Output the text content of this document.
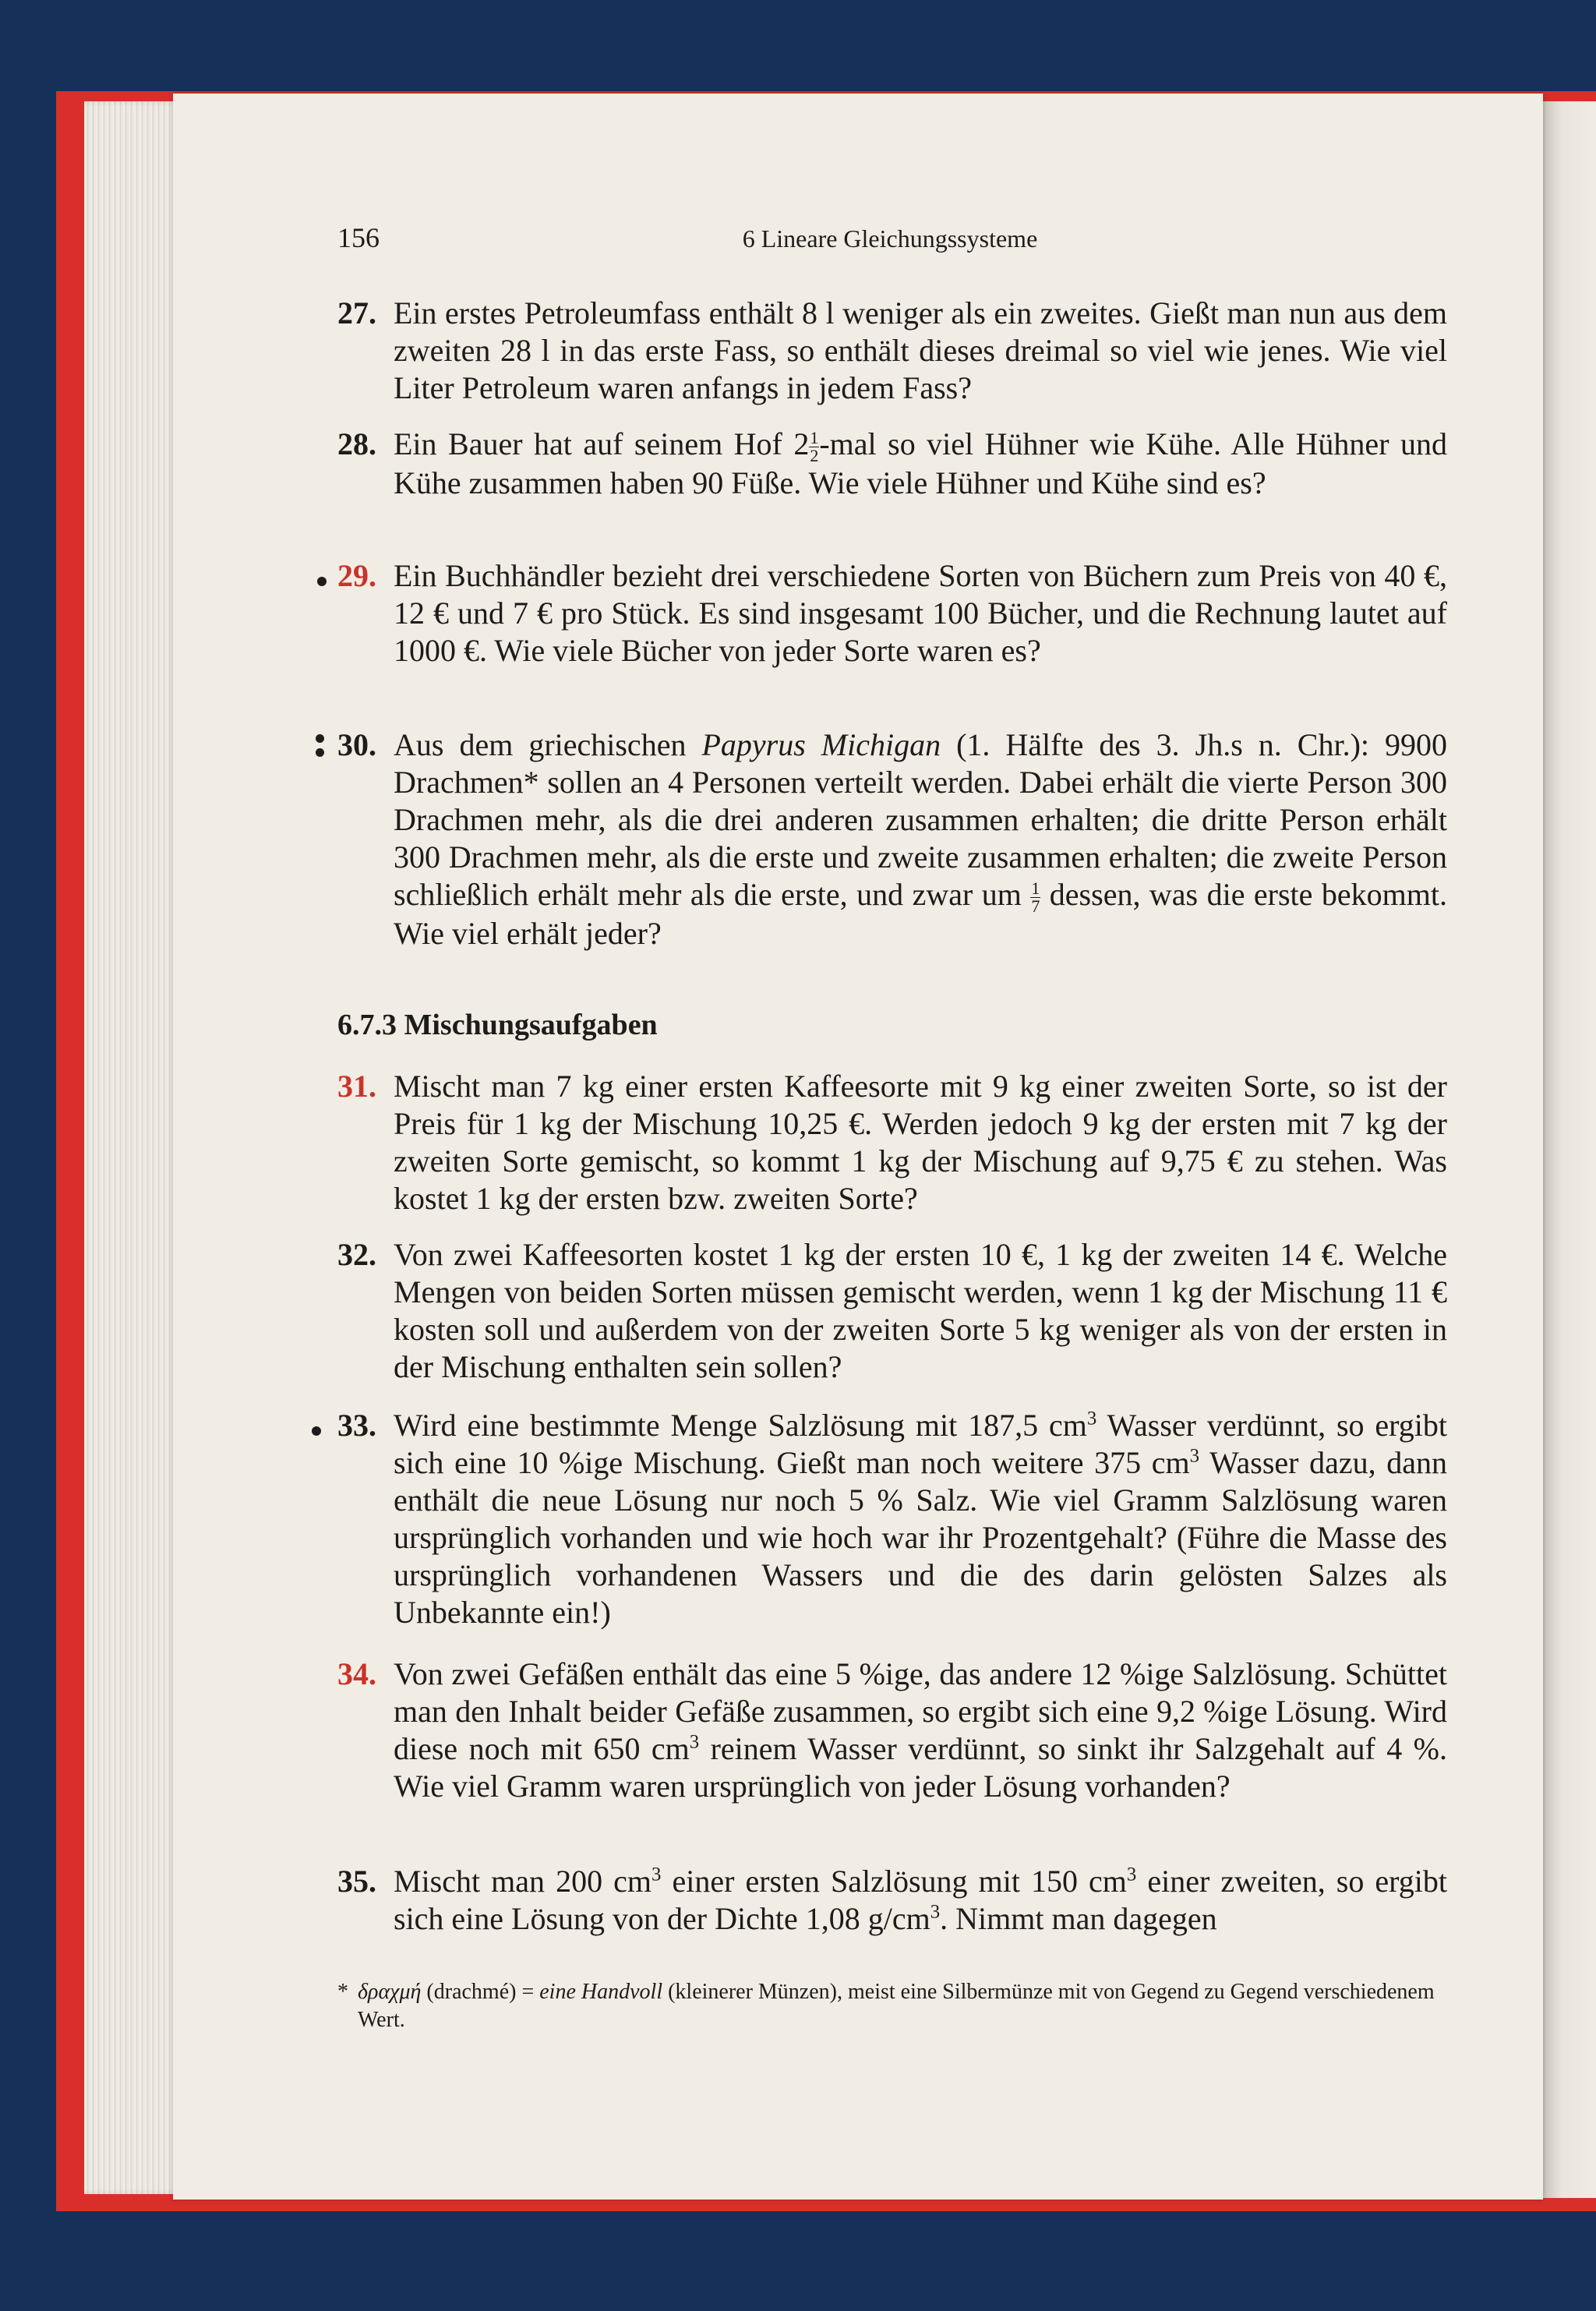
156	6 Lineare Gleichungssysteme
27. Ein erstes Petroleumfass enthält 8 l weniger als ein zweites. Gießt man nun aus dem zweiten 28 l in das erste Fass, so enthält dieses dreimal so viel wie jenes. Wie viel Liter Petroleum waren anfangs in jedem Fass?
28. Ein Bauer hat auf seinem Hof $2 \frac{1}{2} -mal$ so viel Hühner wie Kühe. Alle Hühner und Kühe zusammen haben 90 Füße. Wie viele Hühner und Kühe sind es?
29. Ein Buchhändler bezieht drei verschiedene Sorten von Büchern zum Preis von 40 €, 12 € und 7 € pro Stück. Es sind insgesamt 100 Bücher, und die Rechnung lautet auf 1000 €. Wie viele Bücher von jeder Sorte waren es?
30. Aus dem griechischen Papyrus Michigan (1. Hälfte des 3. Jh.s n. Chr.): 9900 Drachmen* sollen an 4 Personen verteilt werden. Dabei erhält die vierte Person 300 Drachmen mehr, als die drei anderen zusammen erhalten; die dritte Person erhält 300 Drachmen mehr, als die erste und zweite zusammen erhalten; die zweite Person schließlich erhält mehr als die erste, und zwar um $\frac{1}{7}$ dessen, was die erste bekommt. Wie viel erhält jeder?
6.7.3 Mischungsaufgaben
31. Mischt man 7 kg einer ersten Kaffeesorte mit 9 kg einer zweiten Sorte, so ist der Preis für 1 kg der Mischung 10,25 €. Werden jedoch 9 kg der ersten mit 7 kg der zweiten Sorte gemischt, so kommt 1 kg der Mischung auf 9,75 € zu stehen. Was kostet 1 kg der ersten bzw. zweiten Sorte?
32. Von zwei Kaffeesorten kostet 1 kg der ersten 10 €, 1 kg der zweiten 14 €. Welche Mengen von beiden Sorten müssen gemischt werden, wenn 1 kg der Mischung 11 € kosten soll und außerdem von der zweiten Sorte 5 kg weniger als von der ersten in der Mischung enthalten sein sollen?
33. Wird eine bestimmte Menge Salzlösung mit 187,5 $cm^3$ Wasser verdünnt, so ergibt sich eine 10 %ige Mischung. Gießt man noch weitere 375 $cm^3$ Wasser dazu, dann enthält die neue Lösung nur noch 5 % Salz. Wie viel Gramm Salzlösung waren ursprünglich vorhanden und wie hoch war ihr Prozentgehalt? (Führe die Masse des ursprünglich vorhandenen Wassers und die des darin gelösten Salzes als Unbekannte ein!)
34. Von zwei Gefäßen enthält das eine 5 %ige, das andere 12 %ige Salzlösung. Schüttet man den Inhalt beider Gefäße zusammen, so ergibt sich eine 9,2 %ige Lösung. Wird diese noch mit 650 $cm^3$ reinem Wasser verdünnt, so sinkt ihr Salzgehalt auf 4 %. Wie viel Gramm waren ursprünglich von jeder Lösung vorhanden?
35. Mischt man 200 $cm^3$ einer ersten Salzlösung mit 150 $cm^3$ einer zweiten, so ergibt sich eine Lösung von der Dichte 1,08 $g/cm^3$. Nimmt man dagegen
* δραχμή (drachmé) = eine Handvoll (kleinerer Münzen), meist eine Silbermünze mit von Gegend zu Gegend verschiedenem Wert.
